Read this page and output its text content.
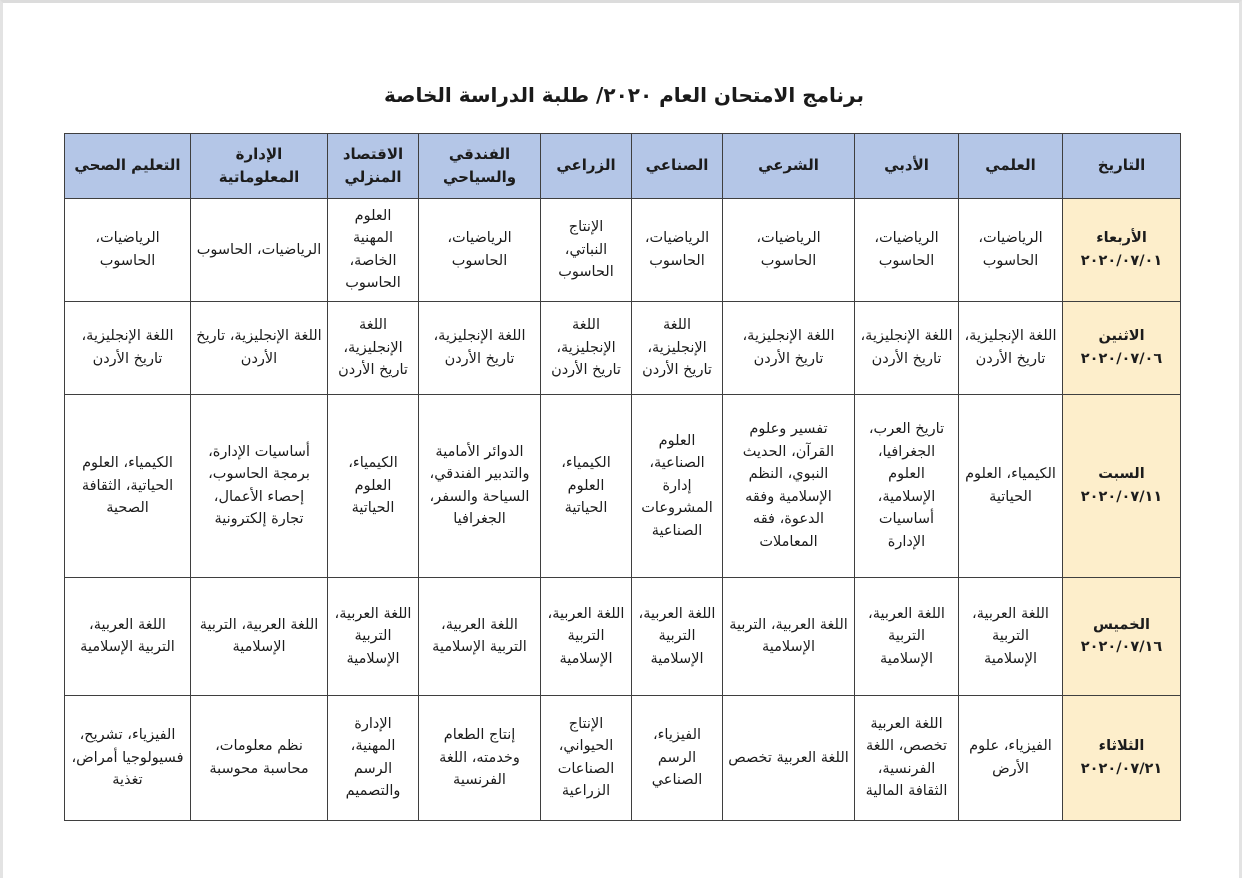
برنامج الامتحان العام ٢٠٢٠/ طلبة الدراسة الخاصة
التاريخ	العلمي	الأدبي	الشرعي	الصناعي	الزراعي	الفندقي والسياحي	الاقتصاد المنزلي	الإدارة المعلوماتية	التعليم الصحي

الأربعاء
٢٠٢٠/٠٧/٠١	الرياضيات، الحاسوب	الرياضيات، الحاسوب	الرياضيات، الحاسوب	الرياضيات، الحاسوب	الإنتاج النباتي، الحاسوب	الرياضيات، الحاسوب	العلوم المهنية الخاصة، الحاسوب	الرياضيات، الحاسوب	الرياضيات، الحاسوب

الاثنين
٢٠٢٠/٠٧/٠٦	اللغة الإنجليزية، تاريخ الأردن	اللغة الإنجليزية، تاريخ الأردن	اللغة الإنجليزية، تاريخ الأردن	اللغة الإنجليزية، تاريخ الأردن	اللغة الإنجليزية، تاريخ الأردن	اللغة الإنجليزية، تاريخ الأردن	اللغة الإنجليزية، تاريخ الأردن	اللغة الإنجليزية، تاريخ الأردن	اللغة الإنجليزية، تاريخ الأردن

السبت
٢٠٢٠/٠٧/١١	الكيمياء، العلوم الحياتية	تاريخ العرب، الجغرافيا، العلوم الإسلامية، أساسيات الإدارة	تفسير وعلوم القرآن، الحديث النبوي، النظم الإسلامية وفقه الدعوة، فقه المعاملات	العلوم الصناعية، إدارة المشروعات الصناعية	الكيمياء، العلوم الحياتية	الدوائر الأمامية والتدبير الفندقي، السياحة والسفر، الجغرافيا	الكيمياء، العلوم الحياتية	أساسيات الإدارة، برمجة الحاسوب، إحصاء الأعمال، تجارة إلكترونية	الكيمياء، العلوم الحياتية، الثقافة الصحية

الخميس
٢٠٢٠/٠٧/١٦	اللغة العربية، التربية الإسلامية	اللغة العربية، التربية الإسلامية	اللغة العربية، التربية الإسلامية	اللغة العربية، التربية الإسلامية	اللغة العربية، التربية الإسلامية	اللغة العربية، التربية الإسلامية	اللغة العربية، التربية الإسلامية	اللغة العربية، التربية الإسلامية	اللغة العربية، التربية الإسلامية

الثلاثاء
٢٠٢٠/٠٧/٢١	الفيزياء، علوم الأرض	اللغة العربية تخصص، اللغة الفرنسية، الثقافة المالية	اللغة العربية تخصص	الفيزياء، الرسم الصناعي	الإنتاج الحيواني، الصناعات الزراعية	إنتاج الطعام وخدمته، اللغة الفرنسية	الإدارة المهنية، الرسم والتصميم	نظم معلومات، محاسبة محوسبة	الفيزياء، تشريح، فسيولوجيا أمراض، تغذية
